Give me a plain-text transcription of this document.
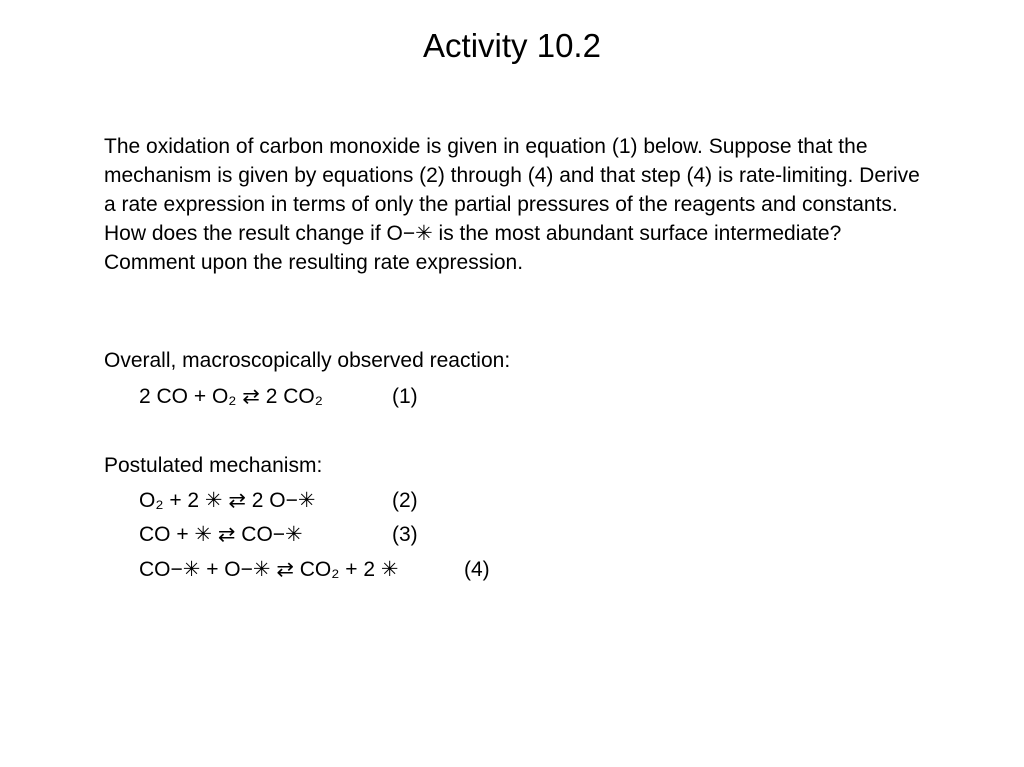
Activity 10.2

The oxidation of carbon monoxide is given in equation (1) below. Suppose that the mechanism is given by equations (2) through (4) and that step (4) is rate-limiting. Derive a rate expression in terms of only the partial pressures of the reagents and constants. How does the result change if O−✳ is the most abundant surface intermediate? Comment upon the resulting rate expression.

Overall, macroscopically observed reaction:
2 CO + O₂ ⇄ 2 CO₂	(1)
Postulated mechanism:
O₂ + 2 ✳ ⇄ 2 O−✳	(2)
CO + ✳ ⇄ CO−✳	(3)
CO−✳ + O−✳ ⇄ CO₂ + 2 ✳	(4)
